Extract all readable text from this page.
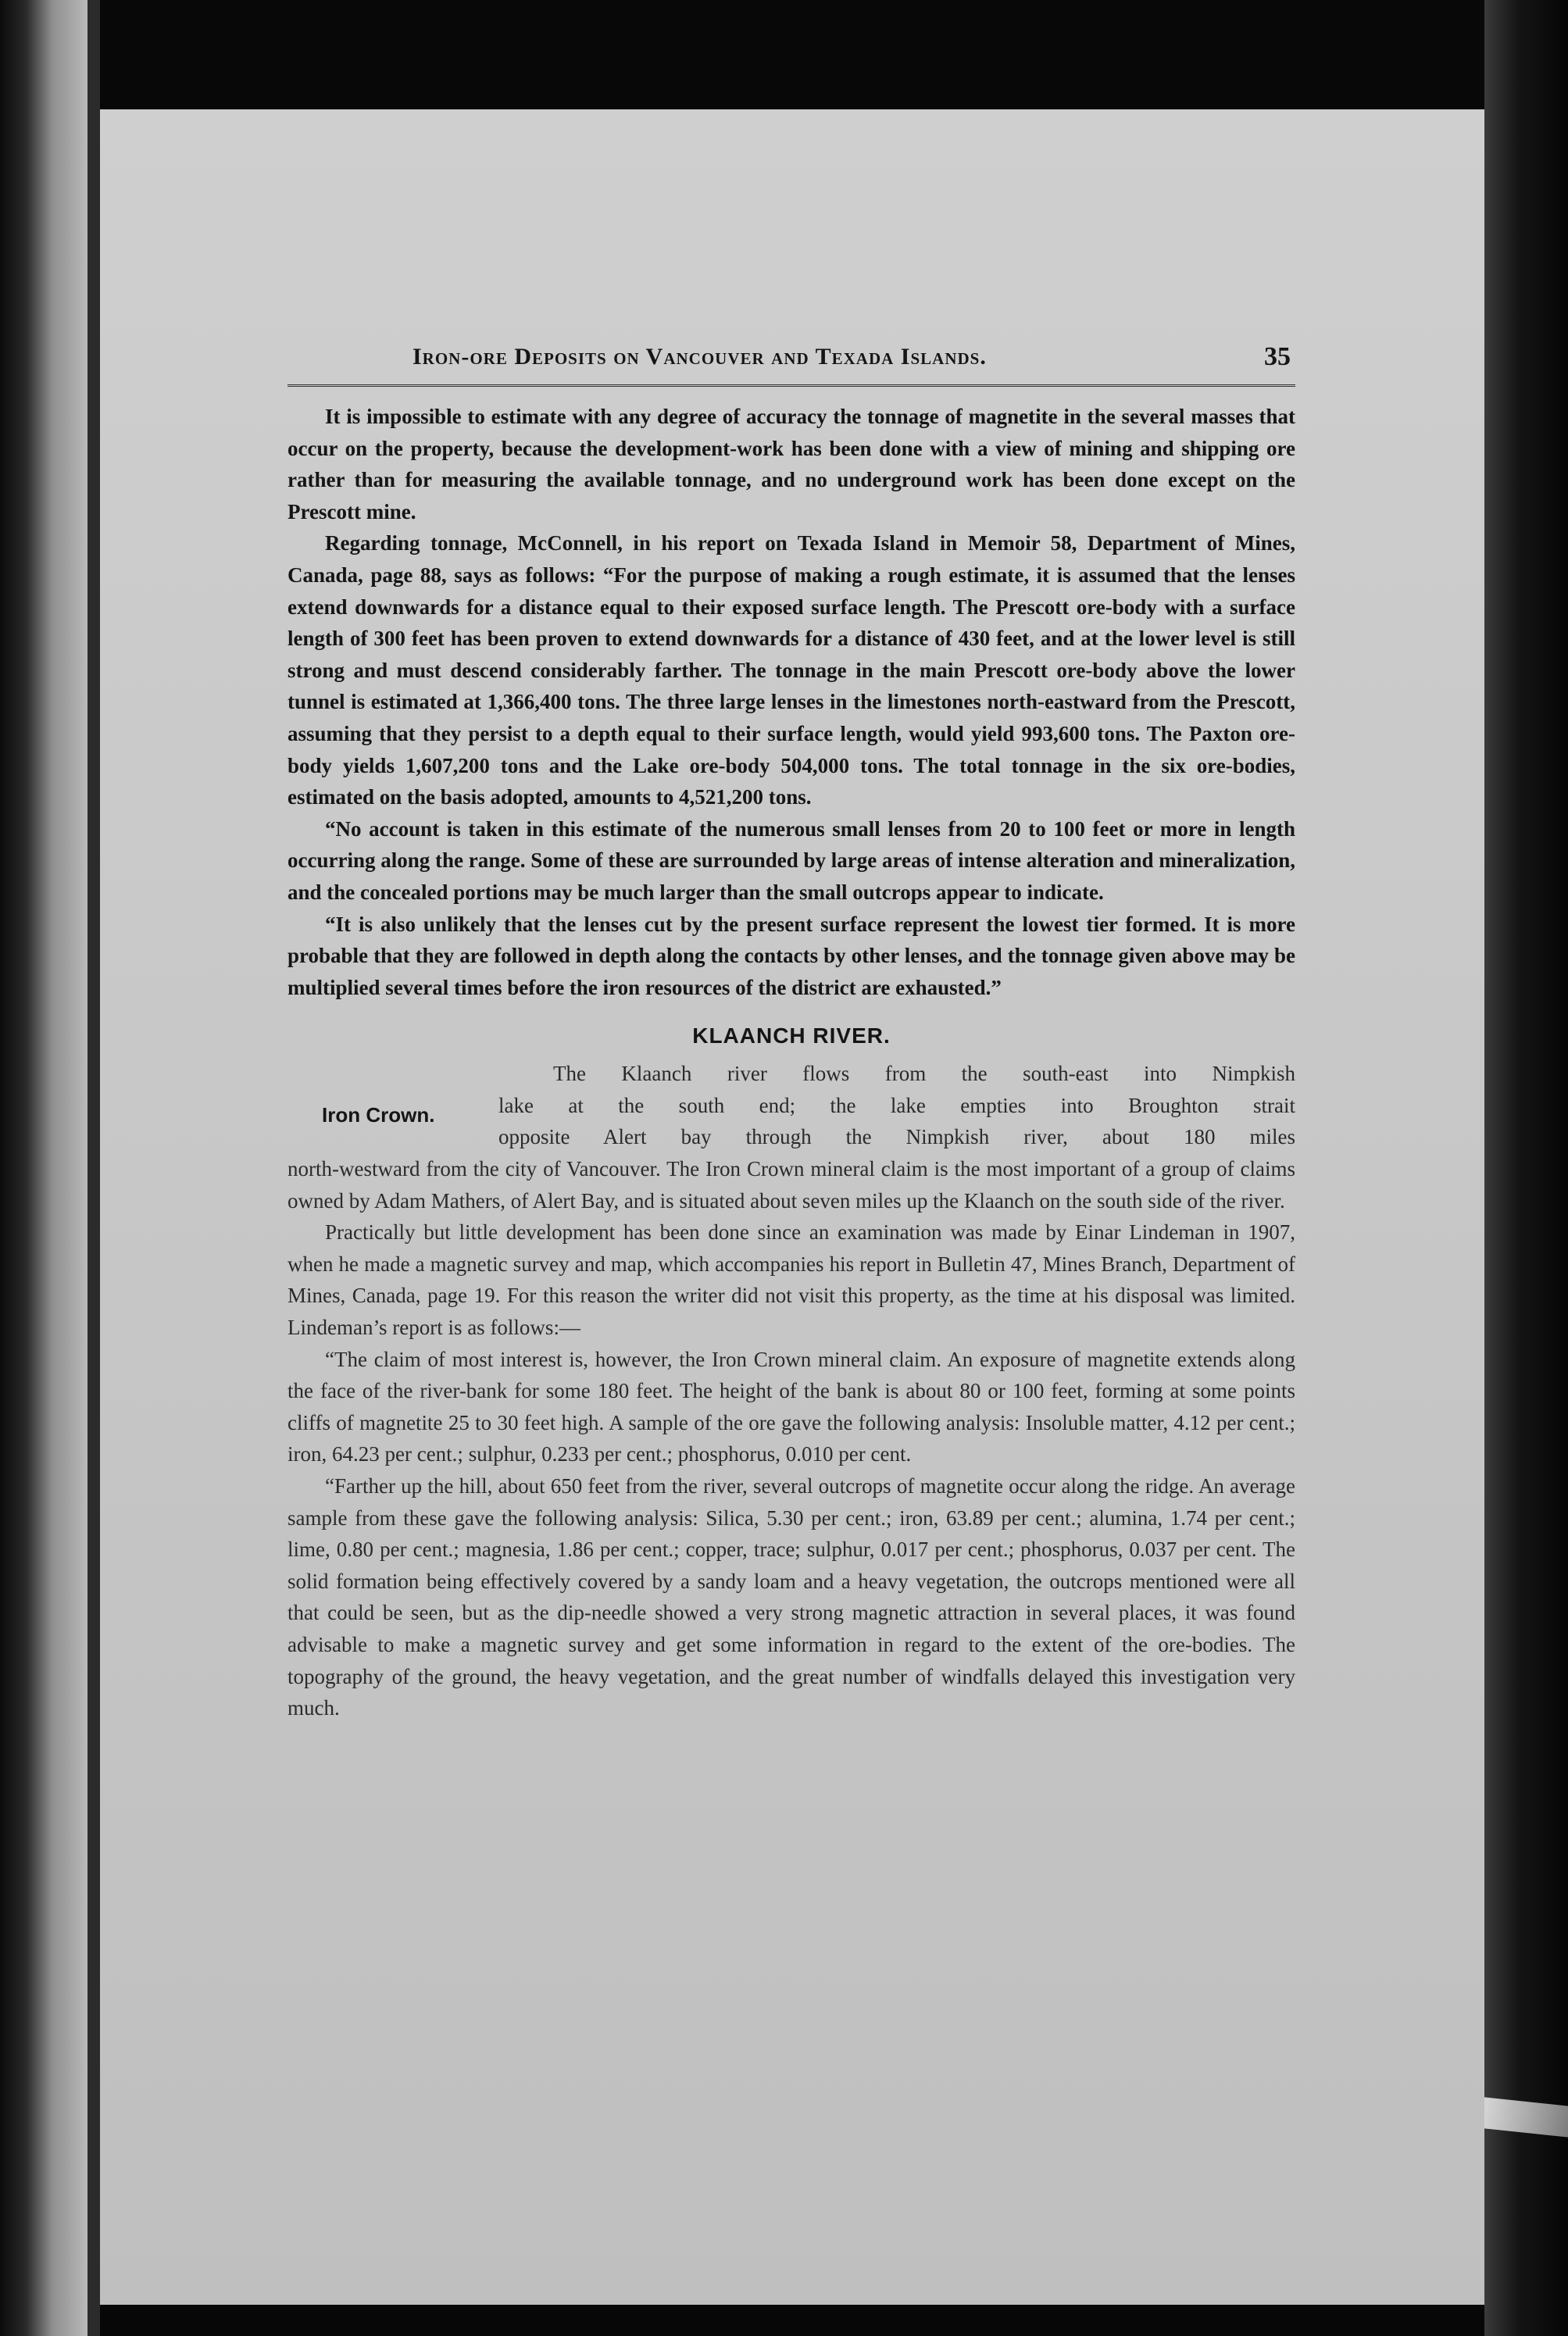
Iron-ore Deposits on Vancouver and Texada Islands.	35

It is impossible to estimate with any degree of accuracy the tonnage of magnetite in the several masses that occur on the property, because the development-work has been done with a view of mining and shipping ore rather than for measuring the available tonnage, and no underground work has been done except on the Prescott mine.

Regarding tonnage, McConnell, in his report on Texada Island in Memoir 58, Department of Mines, Canada, page 88, says as follows: “For the purpose of making a rough estimate, it is assumed that the lenses extend downwards for a distance equal to their exposed surface length. The Prescott ore-body with a surface length of 300 feet has been proven to extend downwards for a distance of 430 feet, and at the lower level is still strong and must descend considerably farther. The tonnage in the main Prescott ore-body above the lower tunnel is estimated at 1,366,400 tons. The three large lenses in the limestones north-eastward from the Prescott, assuming that they persist to a depth equal to their surface length, would yield 993,600 tons. The Paxton ore-body yields 1,607,200 tons and the Lake ore-body 504,000 tons. The total tonnage in the six ore-bodies, estimated on the basis adopted, amounts to 4,521,200 tons.

“No account is taken in this estimate of the numerous small lenses from 20 to 100 feet or more in length occurring along the range. Some of these are surrounded by large areas of intense alteration and mineralization, and the concealed portions may be much larger than the small outcrops appear to indicate.

“It is also unlikely that the lenses cut by the present surface represent the lowest tier formed. It is more probable that they are followed in depth along the contacts by other lenses, and the tonnage given above may be multiplied several times before the iron resources of the district are exhausted.”

KLAANCH RIVER.
Iron Crown.
The Klaanch river flows from the south-east into Nimpkish
lake at the south end; the lake empties into Broughton strait
opposite Alert bay through the Nimpkish river, about 180 miles

north-westward from the city of Vancouver. The Iron Crown mineral claim is the most important of a group of claims owned by Adam Mathers, of Alert Bay, and is situated about seven miles up the Klaanch on the south side of the river.

Practically but little development has been done since an examination was made by Einar Lindeman in 1907, when he made a magnetic survey and map, which accompanies his report in Bulletin 47, Mines Branch, Department of Mines, Canada, page 19. For this reason the writer did not visit this property, as the time at his disposal was limited. Lindeman’s report is as follows:—

“The claim of most interest is, however, the Iron Crown mineral claim. An exposure of magnetite extends along the face of the river-bank for some 180 feet. The height of the bank is about 80 or 100 feet, forming at some points cliffs of magnetite 25 to 30 feet high. A sample of the ore gave the following analysis: Insoluble matter, 4.12 per cent.; iron, 64.23 per cent.; sulphur, 0.233 per cent.; phosphorus, 0.010 per cent.

“Farther up the hill, about 650 feet from the river, several outcrops of magnetite occur along the ridge. An average sample from these gave the following analysis: Silica, 5.30 per cent.; iron, 63.89 per cent.; alumina, 1.74 per cent.; lime, 0.80 per cent.; magnesia, 1.86 per cent.; copper, trace; sulphur, 0.017 per cent.; phosphorus, 0.037 per cent. The solid formation being effectively covered by a sandy loam and a heavy vegetation, the outcrops mentioned were all that could be seen, but as the dip-needle showed a very strong magnetic attraction in several places, it was found advisable to make a magnetic survey and get some information in regard to the extent of the ore-bodies. The topography of the ground, the heavy vegetation, and the great number of windfalls delayed this investigation very much.
